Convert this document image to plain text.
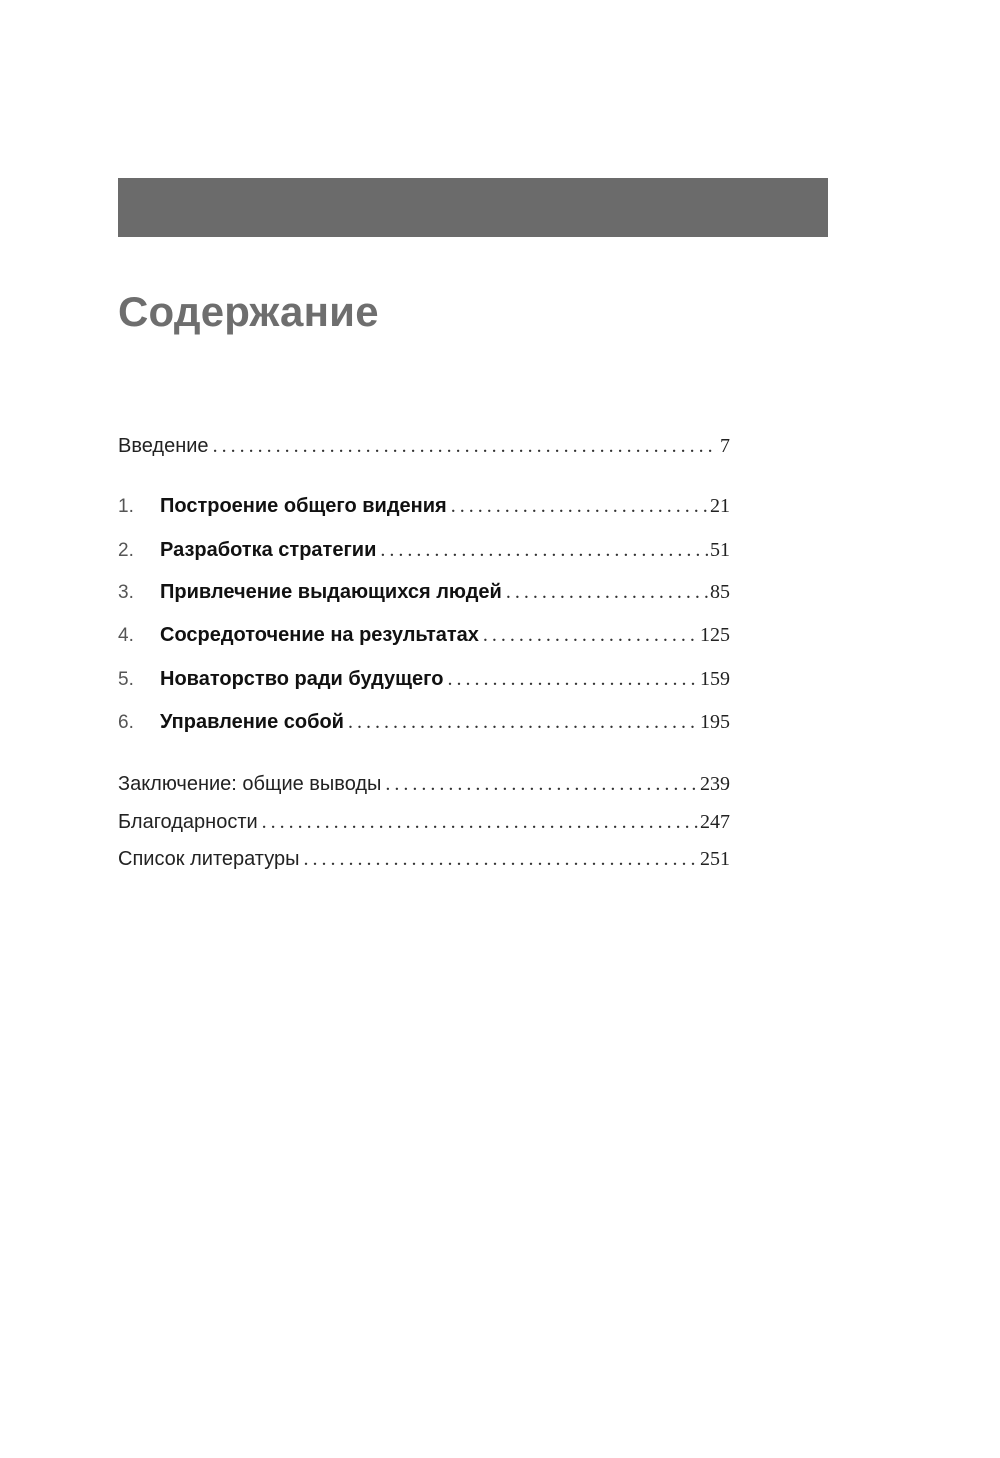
Содержание
Введение . . .	7
1.	Построение общего видения . . .	21
2.	Разработка стратегии . . .	51
3.	Привлечение выдающихся людей . . .	85
4.	Сосредоточение на результатах . . .	125
5.	Новаторство ради будущего . . .	159
6.	Управление собой . . .	195
Заключение: общие выводы . . .	239
Благодарности . . .	247
Список литературы . . .	251
